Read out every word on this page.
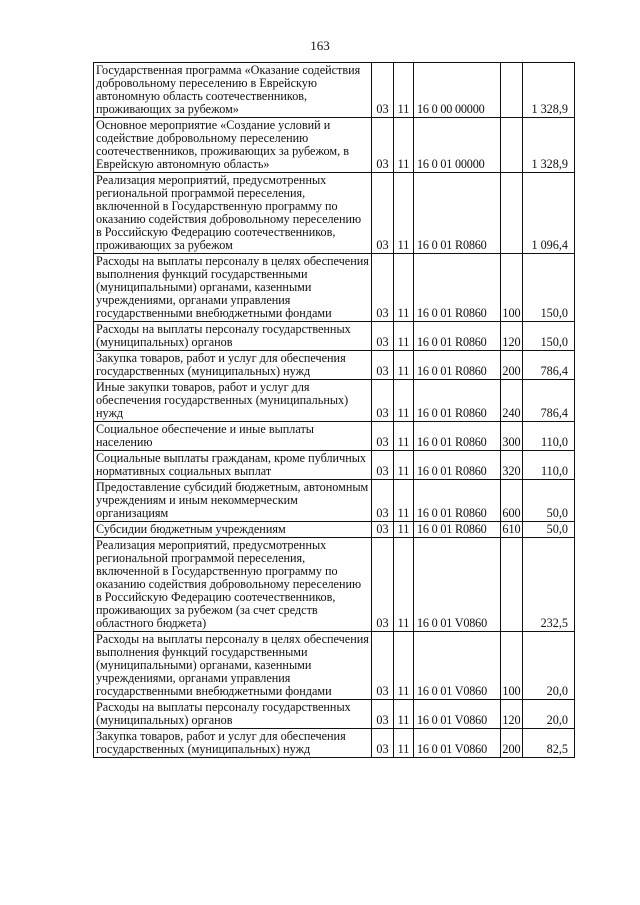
163
Государственная программа «Оказание содействия добровольному переселению в Еврейскую автономную область соотечественников, проживающих за рубежом»	03	11	16 0 00 00000		1 328,9
Основное мероприятие «Создание условий и содействие добровольному переселению соотечественников, проживающих за рубежом, в Еврейскую автономную область»	03	11	16 0 01 00000		1 328,9
Реализация мероприятий, предусмотренных региональной программой переселения, включенной в Государственную программу по оказанию содействия добровольному переселению в Российскую Федерацию соотечественников, проживающих за рубежом	03	11	16 0 01 R0860		1 096,4
Расходы на выплаты персоналу в целях обеспечения выполнения функций государственными (муниципальными) органами, казенными учреждениями, органами управления государственными внебюджетными фондами	03	11	16 0 01 R0860	100	150,0
Расходы на выплаты персоналу государственных (муниципальных) органов	03	11	16 0 01 R0860	120	150,0
Закупка товаров, работ и услуг для обеспечения государственных (муниципальных) нужд	03	11	16 0 01 R0860	200	786,4
Иные закупки товаров, работ и услуг для обеспечения государственных (муниципальных) нужд	03	11	16 0 01 R0860	240	786,4
Социальное обеспечение и иные выплаты населению	03	11	16 0 01 R0860	300	110,0
Социальные выплаты гражданам, кроме публичных нормативных социальных выплат	03	11	16 0 01 R0860	320	110,0
Предоставление субсидий бюджетным, автономным учреждениям и иным некоммерческим организациям	03	11	16 0 01 R0860	600	50,0
Субсидии бюджетным учреждениям	03	11	16 0 01 R0860	610	50,0
Реализация мероприятий, предусмотренных региональной программой переселения, включенной в Государственную программу по оказанию содействия добровольному переселению в Российскую Федерацию соотечественников, проживающих за рубежом (за счет средств областного бюджета)	03	11	16 0 01 V0860		232,5
Расходы на выплаты персоналу в целях обеспечения выполнения функций государственными (муниципальными) органами, казенными учреждениями, органами управления государственными внебюджетными фондами	03	11	16 0 01 V0860	100	20,0
Расходы на выплаты персоналу государственных (муниципальных) органов	03	11	16 0 01 V0860	120	20,0
Закупка товаров, работ и услуг для обеспечения государственных (муниципальных) нужд	03	11	16 0 01 V0860	200	82,5
